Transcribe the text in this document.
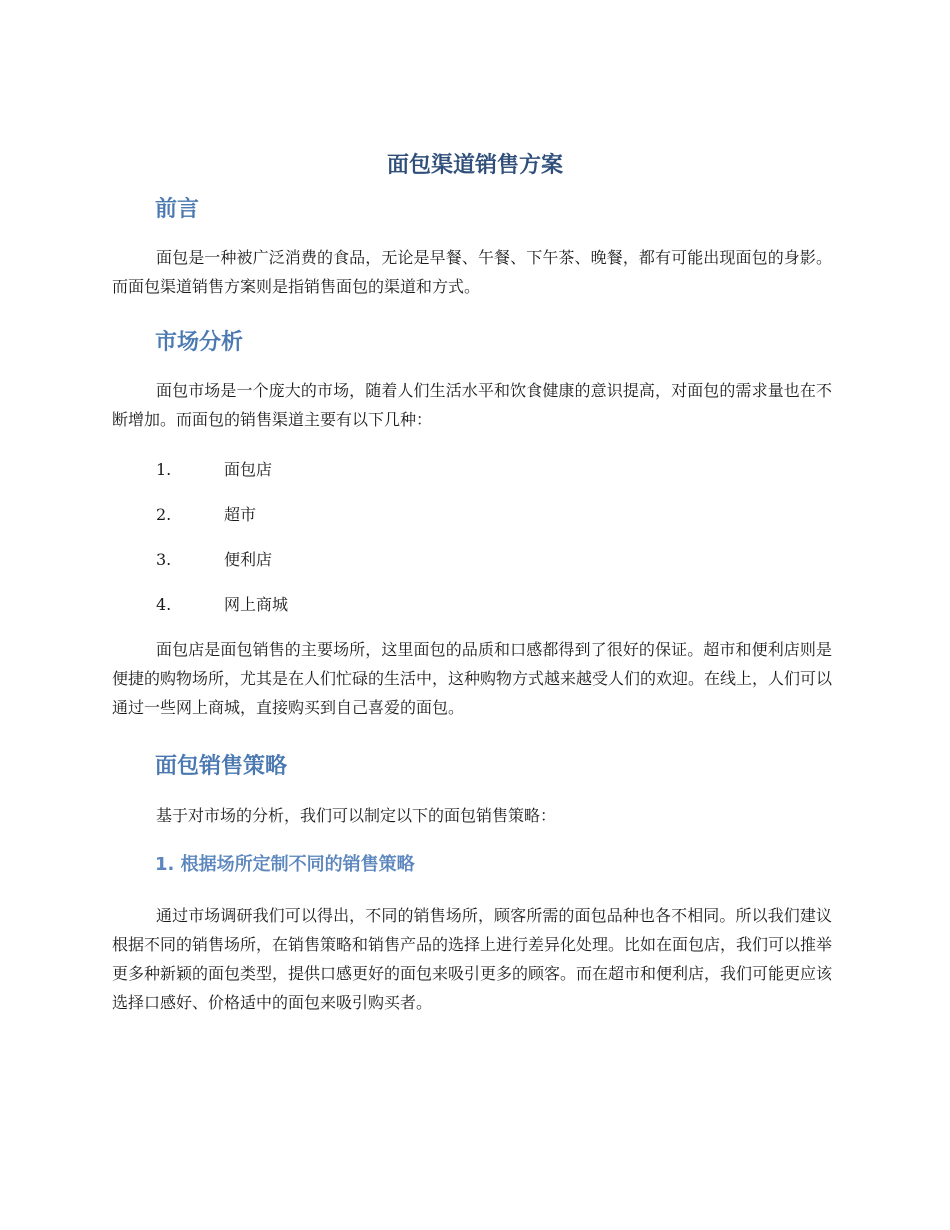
面包渠道销售方案
前言

面包是一种被广泛消费的食品，无论是早餐、午餐、下午茶、晚餐，都有可能出现面包的身影。而面包渠道销售方案则是指销售面包的渠道和方式。

市场分析

面包市场是一个庞大的市场，随着人们生活水平和饮食健康的意识提高，对面包的需求量也在不断增加。而面包的销售渠道主要有以下几种：

1.	面包店
2.	超市
3.	便利店
4.	网上商城

面包店是面包销售的主要场所，这里面包的品质和口感都得到了很好的保证。超市和便利店则是便捷的购物场所，尤其是在人们忙碌的生活中，这种购物方式越来越受人们的欢迎。在线上，人们可以通过一些网上商城，直接购买到自己喜爱的面包。

面包销售策略

基于对市场的分析，我们可以制定以下的面包销售策略：

1. 根据场所定制不同的销售策略

通过市场调研我们可以得出，不同的销售场所，顾客所需的面包品种也各不相同。所以我们建议根据不同的销售场所，在销售策略和销售产品的选择上进行差异化处理。比如在面包店，我们可以推举更多种新颖的面包类型，提供口感更好的面包来吸引更多的顾客。而在超市和便利店，我们可能更应该选择口感好、价格适中的面包来吸引购买者。
